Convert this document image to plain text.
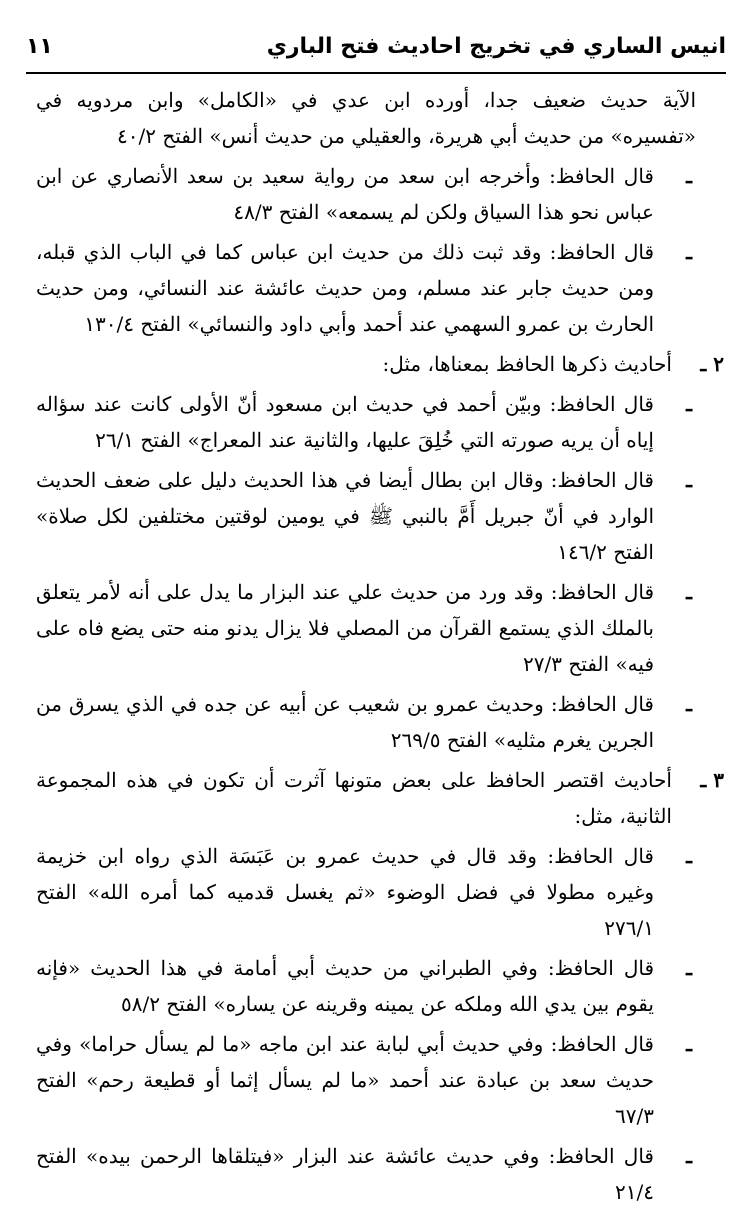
انيس الساري في تخريج احاديث فتح الباري
١١
الآية حديث ضعيف جدا، أورده ابن عدي في «الكامل» وابن مردويه في «تفسيره» من حديث أبي هريرة، والعقيلي من حديث أنس» الفتح ٤٠/٢
ـ
قال الحافظ: وأخرجه ابن سعد من رواية سعيد بن سعد الأنصاري عن ابن عباس نحو هذا السياق ولكن لم يسمعه» الفتح ٤٨/٣
ـ
قال الحافظ: وقد ثبت ذلك من حديث ابن عباس كما في الباب الذي قبله، ومن حديث جابر عند مسلم، ومن حديث عائشة عند النسائي، ومن حديث الحارث بن عمرو السهمي عند أحمد وأبي داود والنسائي» الفتح ١٣٠/٤
٢ ـ
أحاديث ذكرها الحافظ بمعناها، مثل:
ـ
قال الحافظ: وبيّن أحمد في حديث ابن مسعود أنّ الأولى كانت عند سؤاله إياه أن يريه صورته التي خُلِقَ عليها، والثانية عند المعراج» الفتح ٢٦/١
ـ
قال الحافظ: وقال ابن بطال أيضا في هذا الحديث دليل على ضعف الحديث الوارد في أنّ جبريل أَمَّ بالنبي ﷺ في يومين لوقتين مختلفين لكل صلاة» الفتح ١٤٦/٢
ـ
قال الحافظ: وقد ورد من حديث علي عند البزار ما يدل على أنه لأمر يتعلق بالملك الذي يستمع القرآن من المصلي فلا يزال يدنو منه حتى يضع فاه على فيه» الفتح ٢٧/٣
ـ
قال الحافظ: وحديث عمرو بن شعيب عن أبيه عن جده في الذي يسرق من الجرين يغرم مثليه» الفتح ٢٦٩/٥
٣ ـ
أحاديث اقتصر الحافظ على بعض متونها آثرت أن تكون في هذه المجموعة الثانية، مثل:
ـ
قال الحافظ: وقد قال في حديث عمرو بن عَبَسَة الذي رواه ابن خزيمة وغيره مطولا في فضل الوضوء «ثم يغسل قدميه كما أمره الله» الفتح ٢٧٦/١
ـ
قال الحافظ: وفي الطبراني من حديث أبي أمامة في هذا الحديث «فإنه يقوم بين يدي الله وملكه عن يمينه وقرينه عن يساره» الفتح ٥٨/٢
ـ
قال الحافظ: وفي حديث أبي لبابة عند ابن ماجه «ما لم يسأل حراما» وفي حديث سعد بن عبادة عند أحمد «ما لم يسأل إثما أو قطيعة رحم» الفتح ٦٧/٣
ـ
قال الحافظ: وفي حديث عائشة عند البزار «فيتلقاها الرحمن بيده» الفتح ٢١/٤
